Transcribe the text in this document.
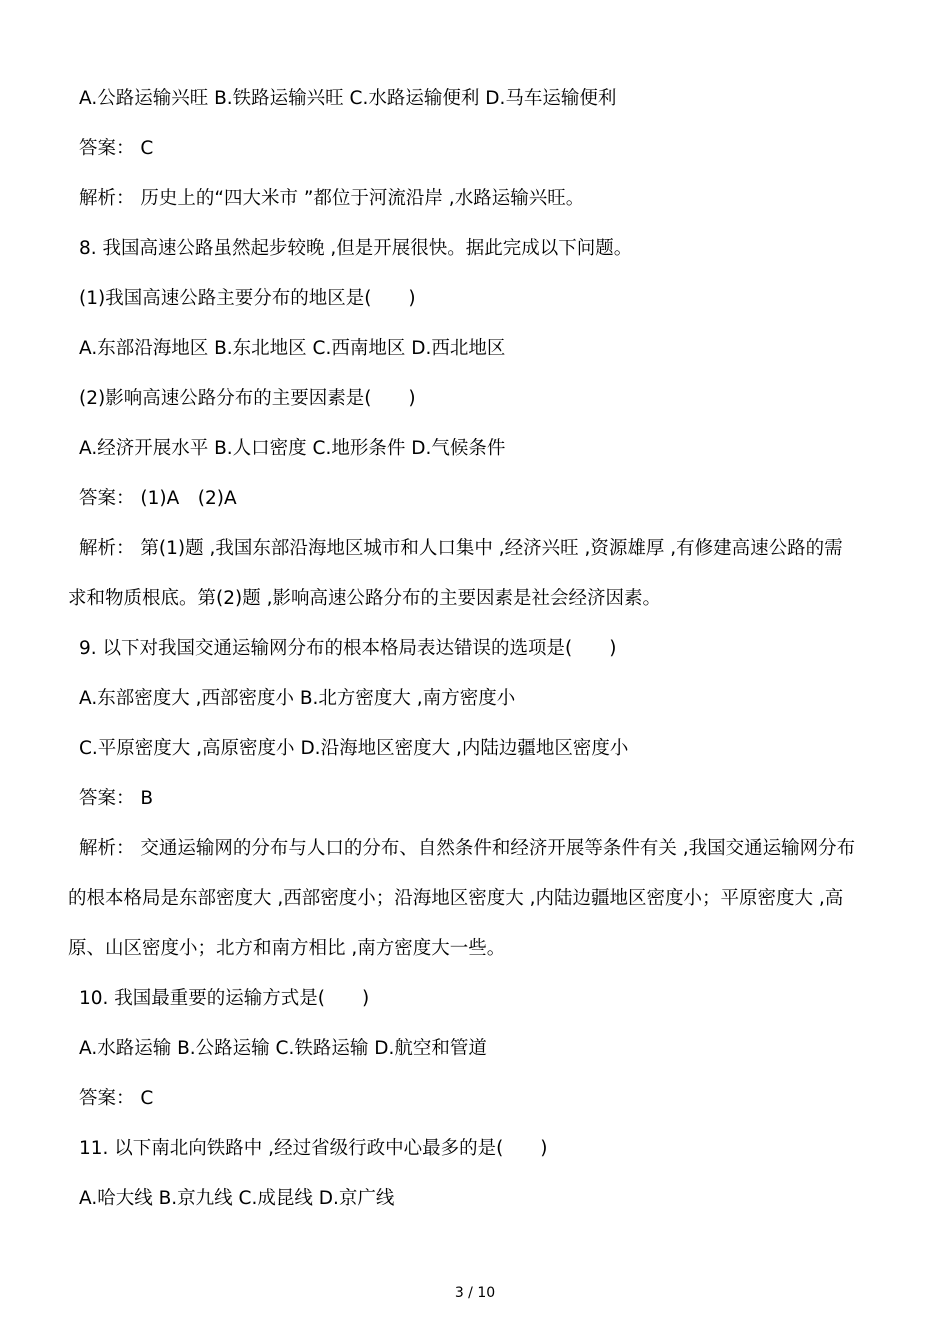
A.公路运输兴旺 B.铁路运输兴旺 C.水路运输便利 D.马车运输便利
答案： C
解析： 历史上的“四大米市 ”都位于河流沿岸 ,水路运输兴旺。
8. 我国高速公路虽然起步较晚 ,但是开展很快。据此完成以下问题。
(1)我国高速公路主要分布的地区是(　　)
A.东部沿海地区 B.东北地区 C.西南地区 D.西北地区
(2)影响高速公路分布的主要因素是(　　)
A.经济开展水平 B.人口密度 C.地形条件 D.气候条件
答案： (1)A　(2)A
解析： 第(1)题 ,我国东部沿海地区城市和人口集中 ,经济兴旺 ,资源雄厚 ,有修建高速公路的需
求和物质根底。第(2)题 ,影响高速公路分布的主要因素是社会经济因素。
9. 以下对我国交通运输网分布的根本格局表达错误的选项是(　　)
A.东部密度大 ,西部密度小 B.北方密度大 ,南方密度小
C.平原密度大 ,高原密度小 D.沿海地区密度大 ,内陆边疆地区密度小
答案： B
解析： 交通运输网的分布与人口的分布、自然条件和经济开展等条件有关 ,我国交通运输网分布
的根本格局是东部密度大 ,西部密度小；沿海地区密度大 ,内陆边疆地区密度小；平原密度大 ,高
原、山区密度小；北方和南方相比 ,南方密度大一些。
10. 我国最重要的运输方式是(　　)
A.水路运输 B.公路运输 C.铁路运输 D.航空和管道
答案： C
11. 以下南北向铁路中 ,经过省级行政中心最多的是(　　)
A.哈大线 B.京九线 C.成昆线 D.京广线
3 / 10
